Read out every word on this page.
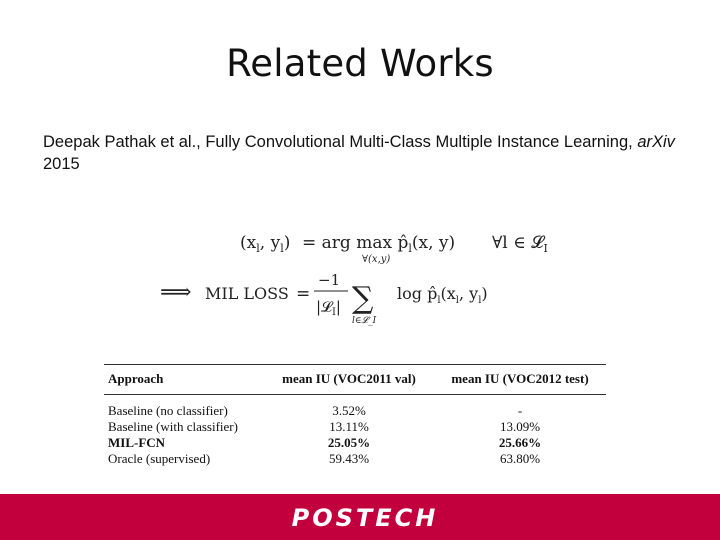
Related Works
Deepak Pathak et al., Fully Convolutional Multi-Class Multiple Instance Learning, arXiv 2015
($x_l$, $y_l$) = arg $\max p̂_l(x$, y)
∀(x,y)
∀l ∈ 𝓛$_I$
⟹ MIL LOSS =
−1
|𝓛$_I$| ∑
l∈𝓛_I
$\log p̂_l(x_l$, $y_l$)
Approach	mean IU (VOC2011 val)	mean IU (VOC2012 test)
Baseline (no classifier)	3.52%	-
Baseline (with classifier)	13.11%	13.09%
MIL-FCN	25.05%	25.66%
Oracle (supervised)	59.43%	63.80%
POSTECH
